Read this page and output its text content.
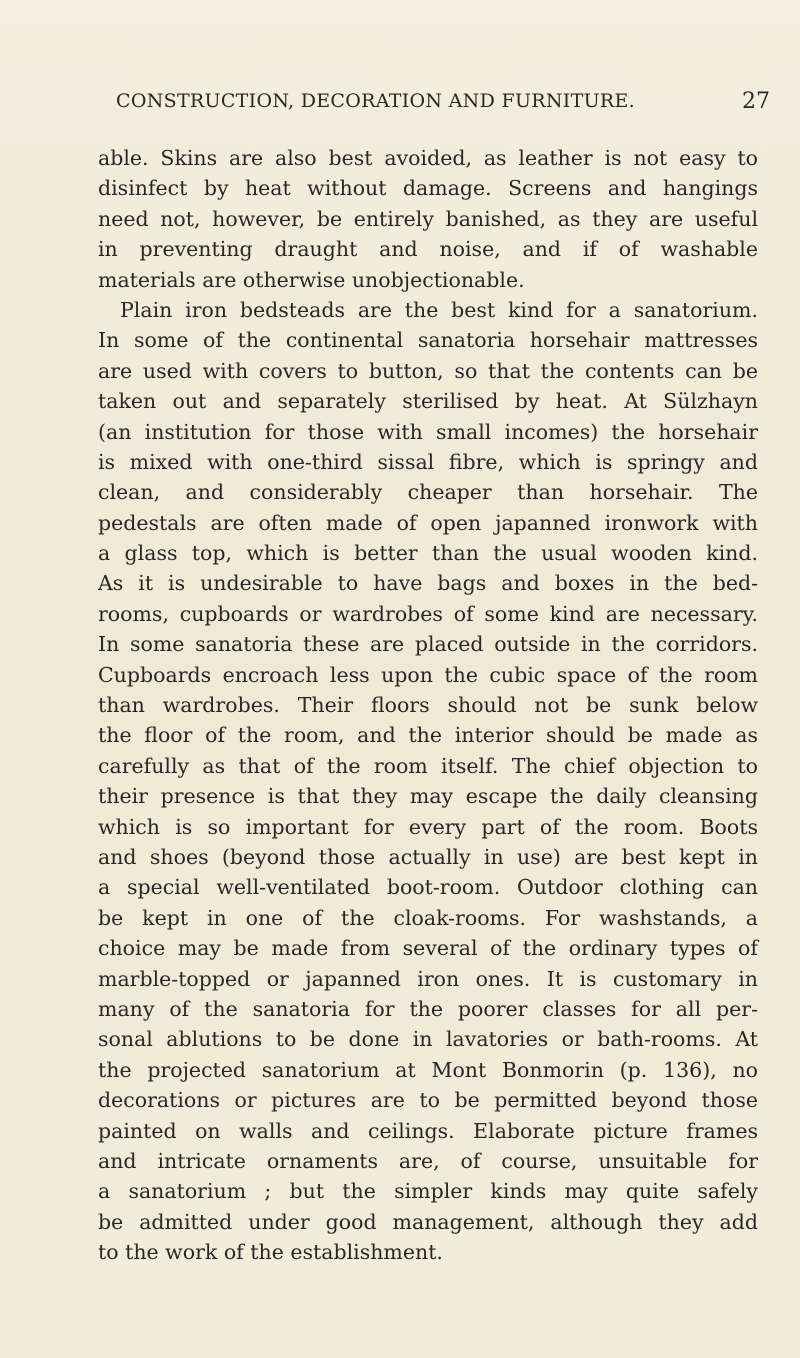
CONSTRUCTION, DECORATION AND FURNITURE.	27
able. Skins are also best avoided, as leather is not easy to
disinfect by heat without damage. Screens and hangings
need not, however, be entirely banished, as they are useful
in preventing draught and noise, and if of washable
materials are otherwise unobjectionable.
Plain iron bedsteads are the best kind for a sanatorium.
In some of the continental sanatoria horsehair mattresses
are used with covers to button, so that the contents can be
taken out and separately sterilised by heat. At Sülzhayn
(an institution for those with small incomes) the horsehair
is mixed with one-third sissal fibre, which is springy and
clean, and considerably cheaper than horsehair. The
pedestals are often made of open japanned ironwork with
a glass top, which is better than the usual wooden kind.
As it is undesirable to have bags and boxes in the bed-
rooms, cupboards or wardrobes of some kind are necessary.
In some sanatoria these are placed outside in the corridors.
Cupboards encroach less upon the cubic space of the room
than wardrobes. Their floors should not be sunk below
the floor of the room, and the interior should be made as
carefully as that of the room itself. The chief objection to
their presence is that they may escape the daily cleansing
which is so important for every part of the room. Boots
and shoes (beyond those actually in use) are best kept in
a special well-ventilated boot-room. Outdoor clothing can
be kept in one of the cloak-rooms. For washstands, a
choice may be made from several of the ordinary types of
marble-topped or japanned iron ones. It is customary in
many of the sanatoria for the poorer classes for all per-
sonal ablutions to be done in lavatories or bath-rooms. At
the projected sanatorium at Mont Bonmorin (p. 136), no
decorations or pictures are to be permitted beyond those
painted on walls and ceilings. Elaborate picture frames
and intricate ornaments are, of course, unsuitable for
a sanatorium ; but the simpler kinds may quite safely
be admitted under good management, although they add
to the work of the establishment.
